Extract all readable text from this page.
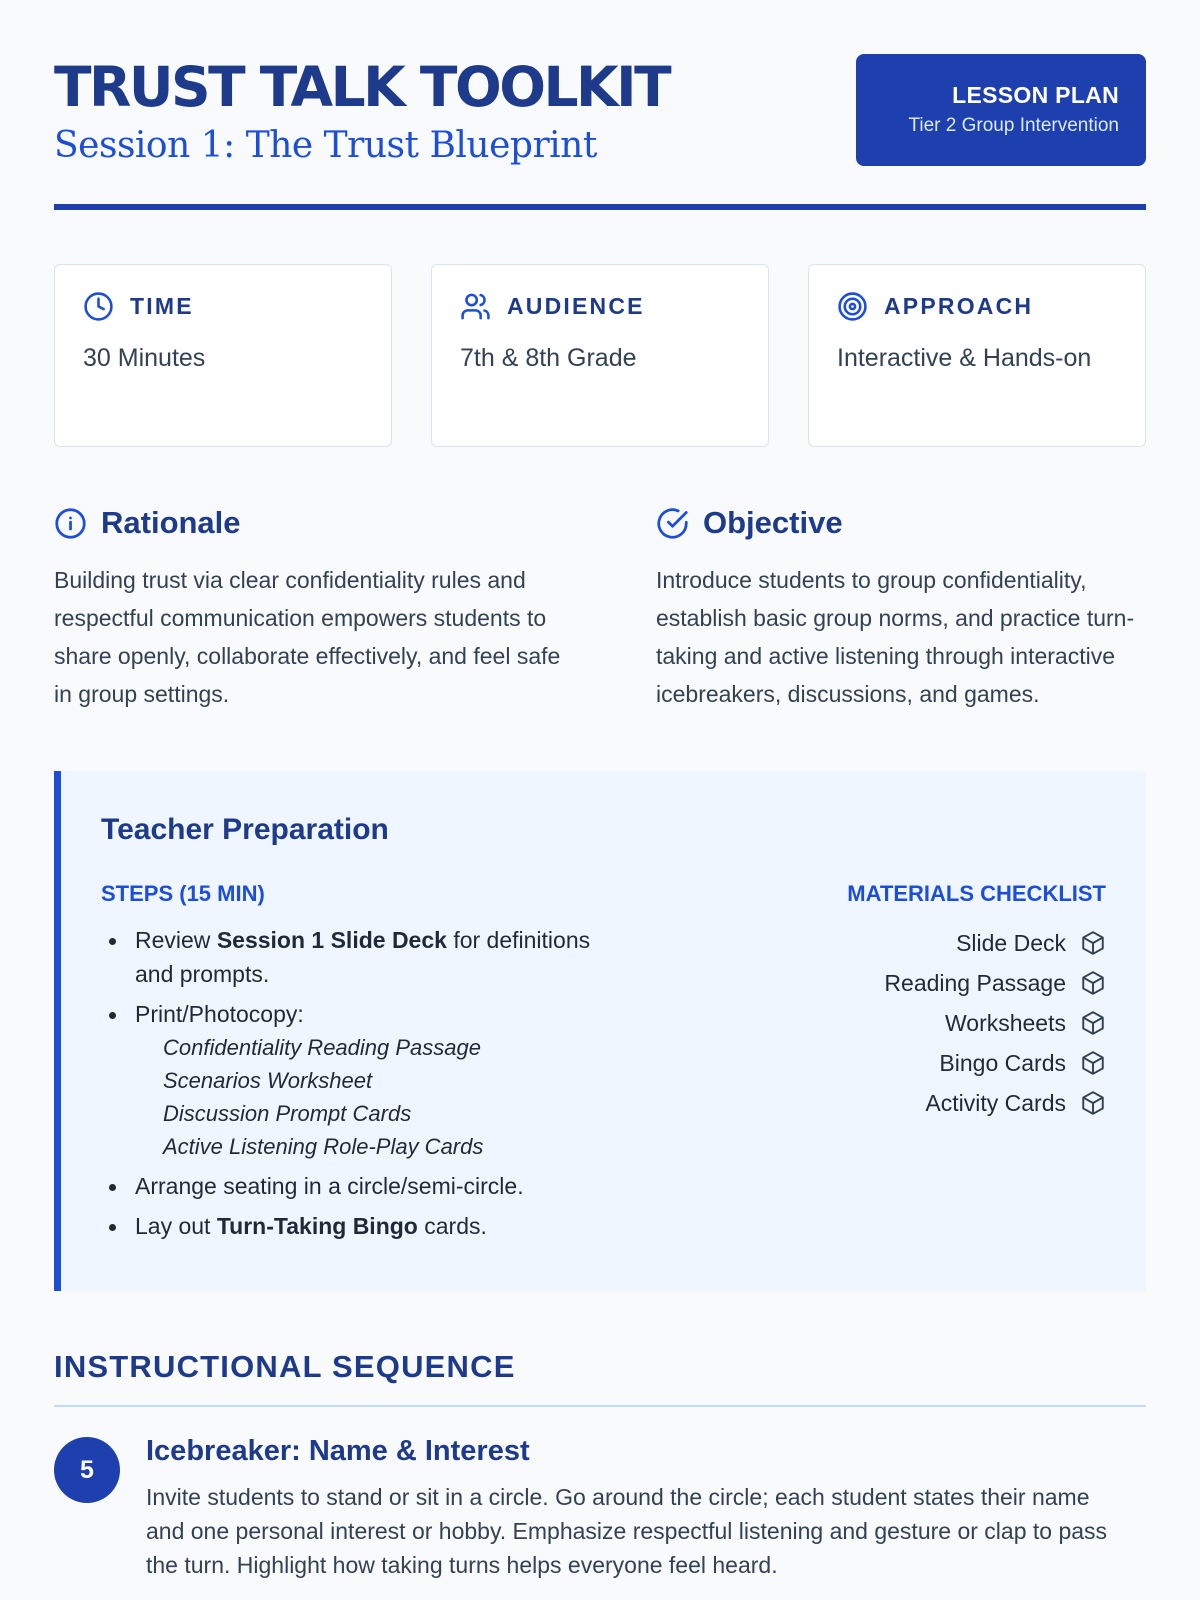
TRUST TALK TOOLKIT
Session 1: The Trust Blueprint
LESSON PLAN
Tier 2 Group Intervention
TIME
30 Minutes
AUDIENCE
7th & 8th Grade
APPROACH
Interactive & Hands-on
Rationale
Building trust via clear confidentiality rules and respectful communication empowers students to share openly, collaborate effectively, and feel safe in group settings.
Objective
Introduce students to group confidentiality, establish basic group norms, and practice turn-taking and active listening through interactive icebreakers, discussions, and games.
Teacher Preparation
STEPS (15 MIN)
Review Session 1 Slide Deck for definitions and prompts.
Print/Photocopy:
Confidentiality Reading Passage
Scenarios Worksheet
Discussion Prompt Cards
Active Listening Role-Play Cards
Arrange seating in a circle/semi-circle.
Lay out Turn-Taking Bingo cards.
MATERIALS CHECKLIST
Slide Deck
Reading Passage
Worksheets
Bingo Cards
Activity Cards
INSTRUCTIONAL SEQUENCE
5
Icebreaker: Name & Interest
Invite students to stand or sit in a circle. Go around the circle; each student states their name and one personal interest or hobby. Emphasize respectful listening and gesture or clap to pass the turn. Highlight how taking turns helps everyone feel heard.
